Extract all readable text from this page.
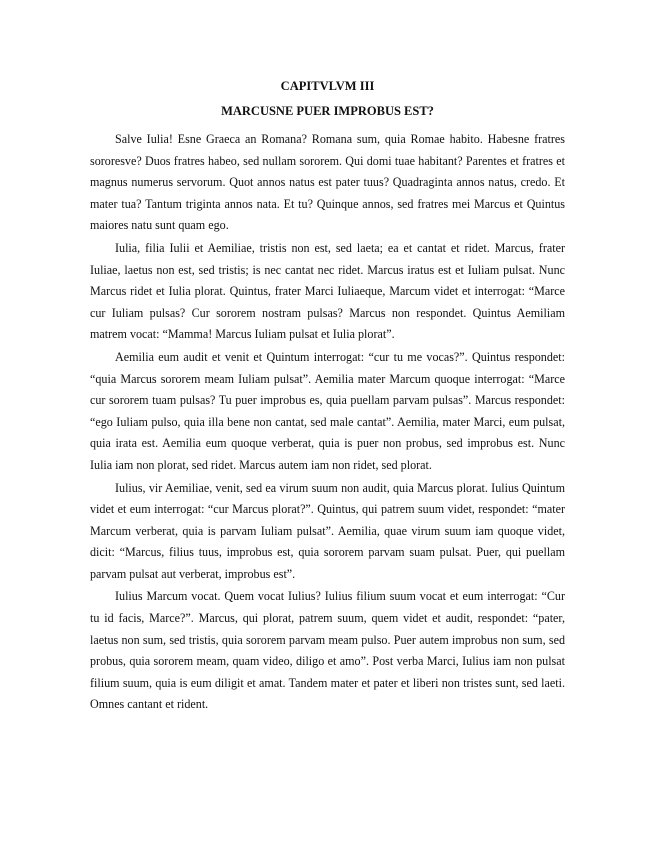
CAPITVLVM III
MARCUSNE PUER IMPROBUS EST?

Salve Iulia! Esne Graeca an Romana? Romana sum, quia Romae habito. Habesne fratres sororesve? Duos fratres habeo, sed nullam sororem. Qui domi tuae habitant? Parentes et fratres et magnus numerus servorum. Quot annos natus est pater tuus? Quadraginta annos natus, credo. Et mater tua? Tantum triginta annos nata. Et tu? Quinque annos, sed fratres mei Marcus et Quintus maiores natu sunt quam ego.

Iulia, filia Iulii et Aemiliae, tristis non est, sed laeta; ea et cantat et ridet. Marcus, frater Iuliae, laetus non est, sed tristis; is nec cantat nec ridet. Marcus iratus est et Iuliam pulsat. Nunc Marcus ridet et Iulia plorat. Quintus, frater Marci Iuliaeque, Marcum videt et interrogat: “Marce cur Iuliam pulsas? Cur sororem nostram pulsas? Marcus non respondet. Quintus Aemiliam matrem vocat: “Mamma! Marcus Iuliam pulsat et Iulia plorat”.

Aemilia eum audit et venit et Quintum interrogat: “cur tu me vocas?”. Quintus respondet: “quia Marcus sororem meam Iuliam pulsat”. Aemilia mater Marcum quoque interrogat: “Marce cur sororem tuam pulsas? Tu puer improbus es, quia puellam parvam pulsas”. Marcus respondet: “ego Iuliam pulso, quia illa bene non cantat, sed male cantat”. Aemilia, mater Marci, eum pulsat, quia irata est. Aemilia eum quoque verberat, quia is puer non probus, sed improbus est. Nunc Iulia iam non plorat, sed ridet. Marcus autem iam non ridet, sed plorat.

Iulius, vir Aemiliae, venit, sed ea virum suum non audit, quia Marcus plorat. Iulius Quintum videt et eum interrogat: “cur Marcus plorat?”. Quintus, qui patrem suum videt, respondet: “mater Marcum verberat, quia is parvam Iuliam pulsat”. Aemilia, quae virum suum iam quoque videt, dicit: “Marcus, filius tuus, improbus est, quia sororem parvam suam pulsat. Puer, qui puellam parvam pulsat aut verberat, improbus est”.

Iulius Marcum vocat. Quem vocat Iulius? Iulius filium suum vocat et eum interrogat: “Cur tu id facis, Marce?”. Marcus, qui plorat, patrem suum, quem videt et audit, respondet: “pater, laetus non sum, sed tristis, quia sororem parvam meam pulso. Puer autem improbus non sum, sed probus, quia sororem meam, quam video, diligo et amo”. Post verba Marci, Iulius iam non pulsat filium suum, quia is eum diligit et amat. Tandem mater et pater et liberi non tristes sunt, sed laeti. Omnes cantant et rident.
